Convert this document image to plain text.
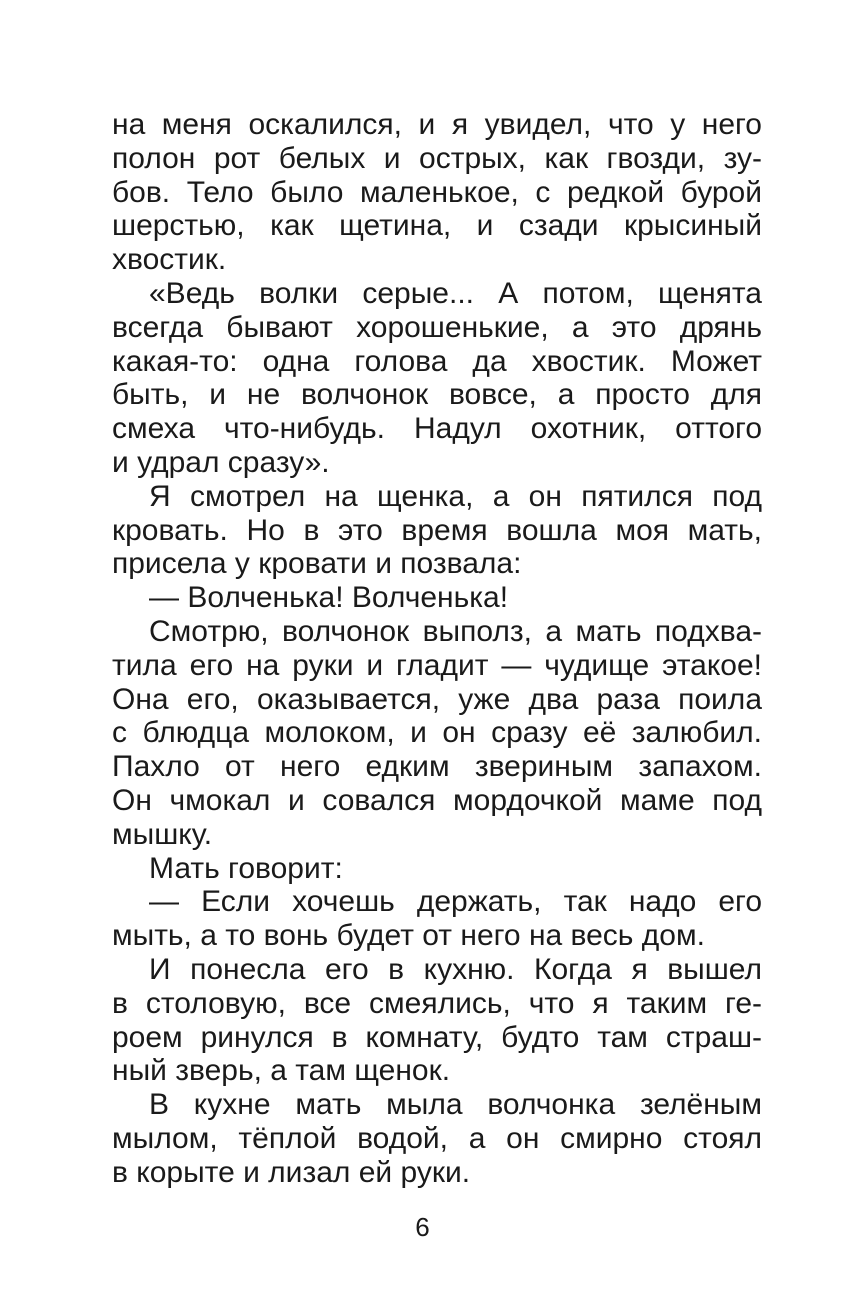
на меня оскалился, и я увидел, что у него
полон рот белых и острых, как гвозди, зу-
бов. Тело было маленькое, с редкой бурой
шерстью, как щетина, и сзади крысиный
хвостик.
«Ведь волки серые... А потом, щенята
всегда бывают хорошенькие, а это дрянь
какая-то: одна голова да хвостик. Может
быть, и не волчонок вовсе, а просто для
смеха что-нибудь. Надул охотник, оттого
и удрал сразу».
Я смотрел на щенка, а он пятился под
кровать. Но в это время вошла моя мать,
присела у кровати и позвала:
— Волченька! Волченька!
Смотрю, волчонок выполз, а мать подхва-
тила его на руки и гладит — чудище этакое!
Она его, оказывается, уже два раза поила
с блюдца молоком, и он сразу её залюбил.
Пахло от него едким звериным запахом.
Он чмокал и совался мордочкой маме под
мышку.
Мать говорит:
— Если хочешь держать, так надо его
мыть, а то вонь будет от него на весь дом.
И понесла его в кухню. Когда я вышел
в столовую, все смеялись, что я таким ге-
роем ринулся в комнату, будто там страш-
ный зверь, а там щенок.
В кухне мать мыла волчонка зелёным
мылом, тёплой водой, а он смирно стоял
в корыте и лизал ей руки.
6
